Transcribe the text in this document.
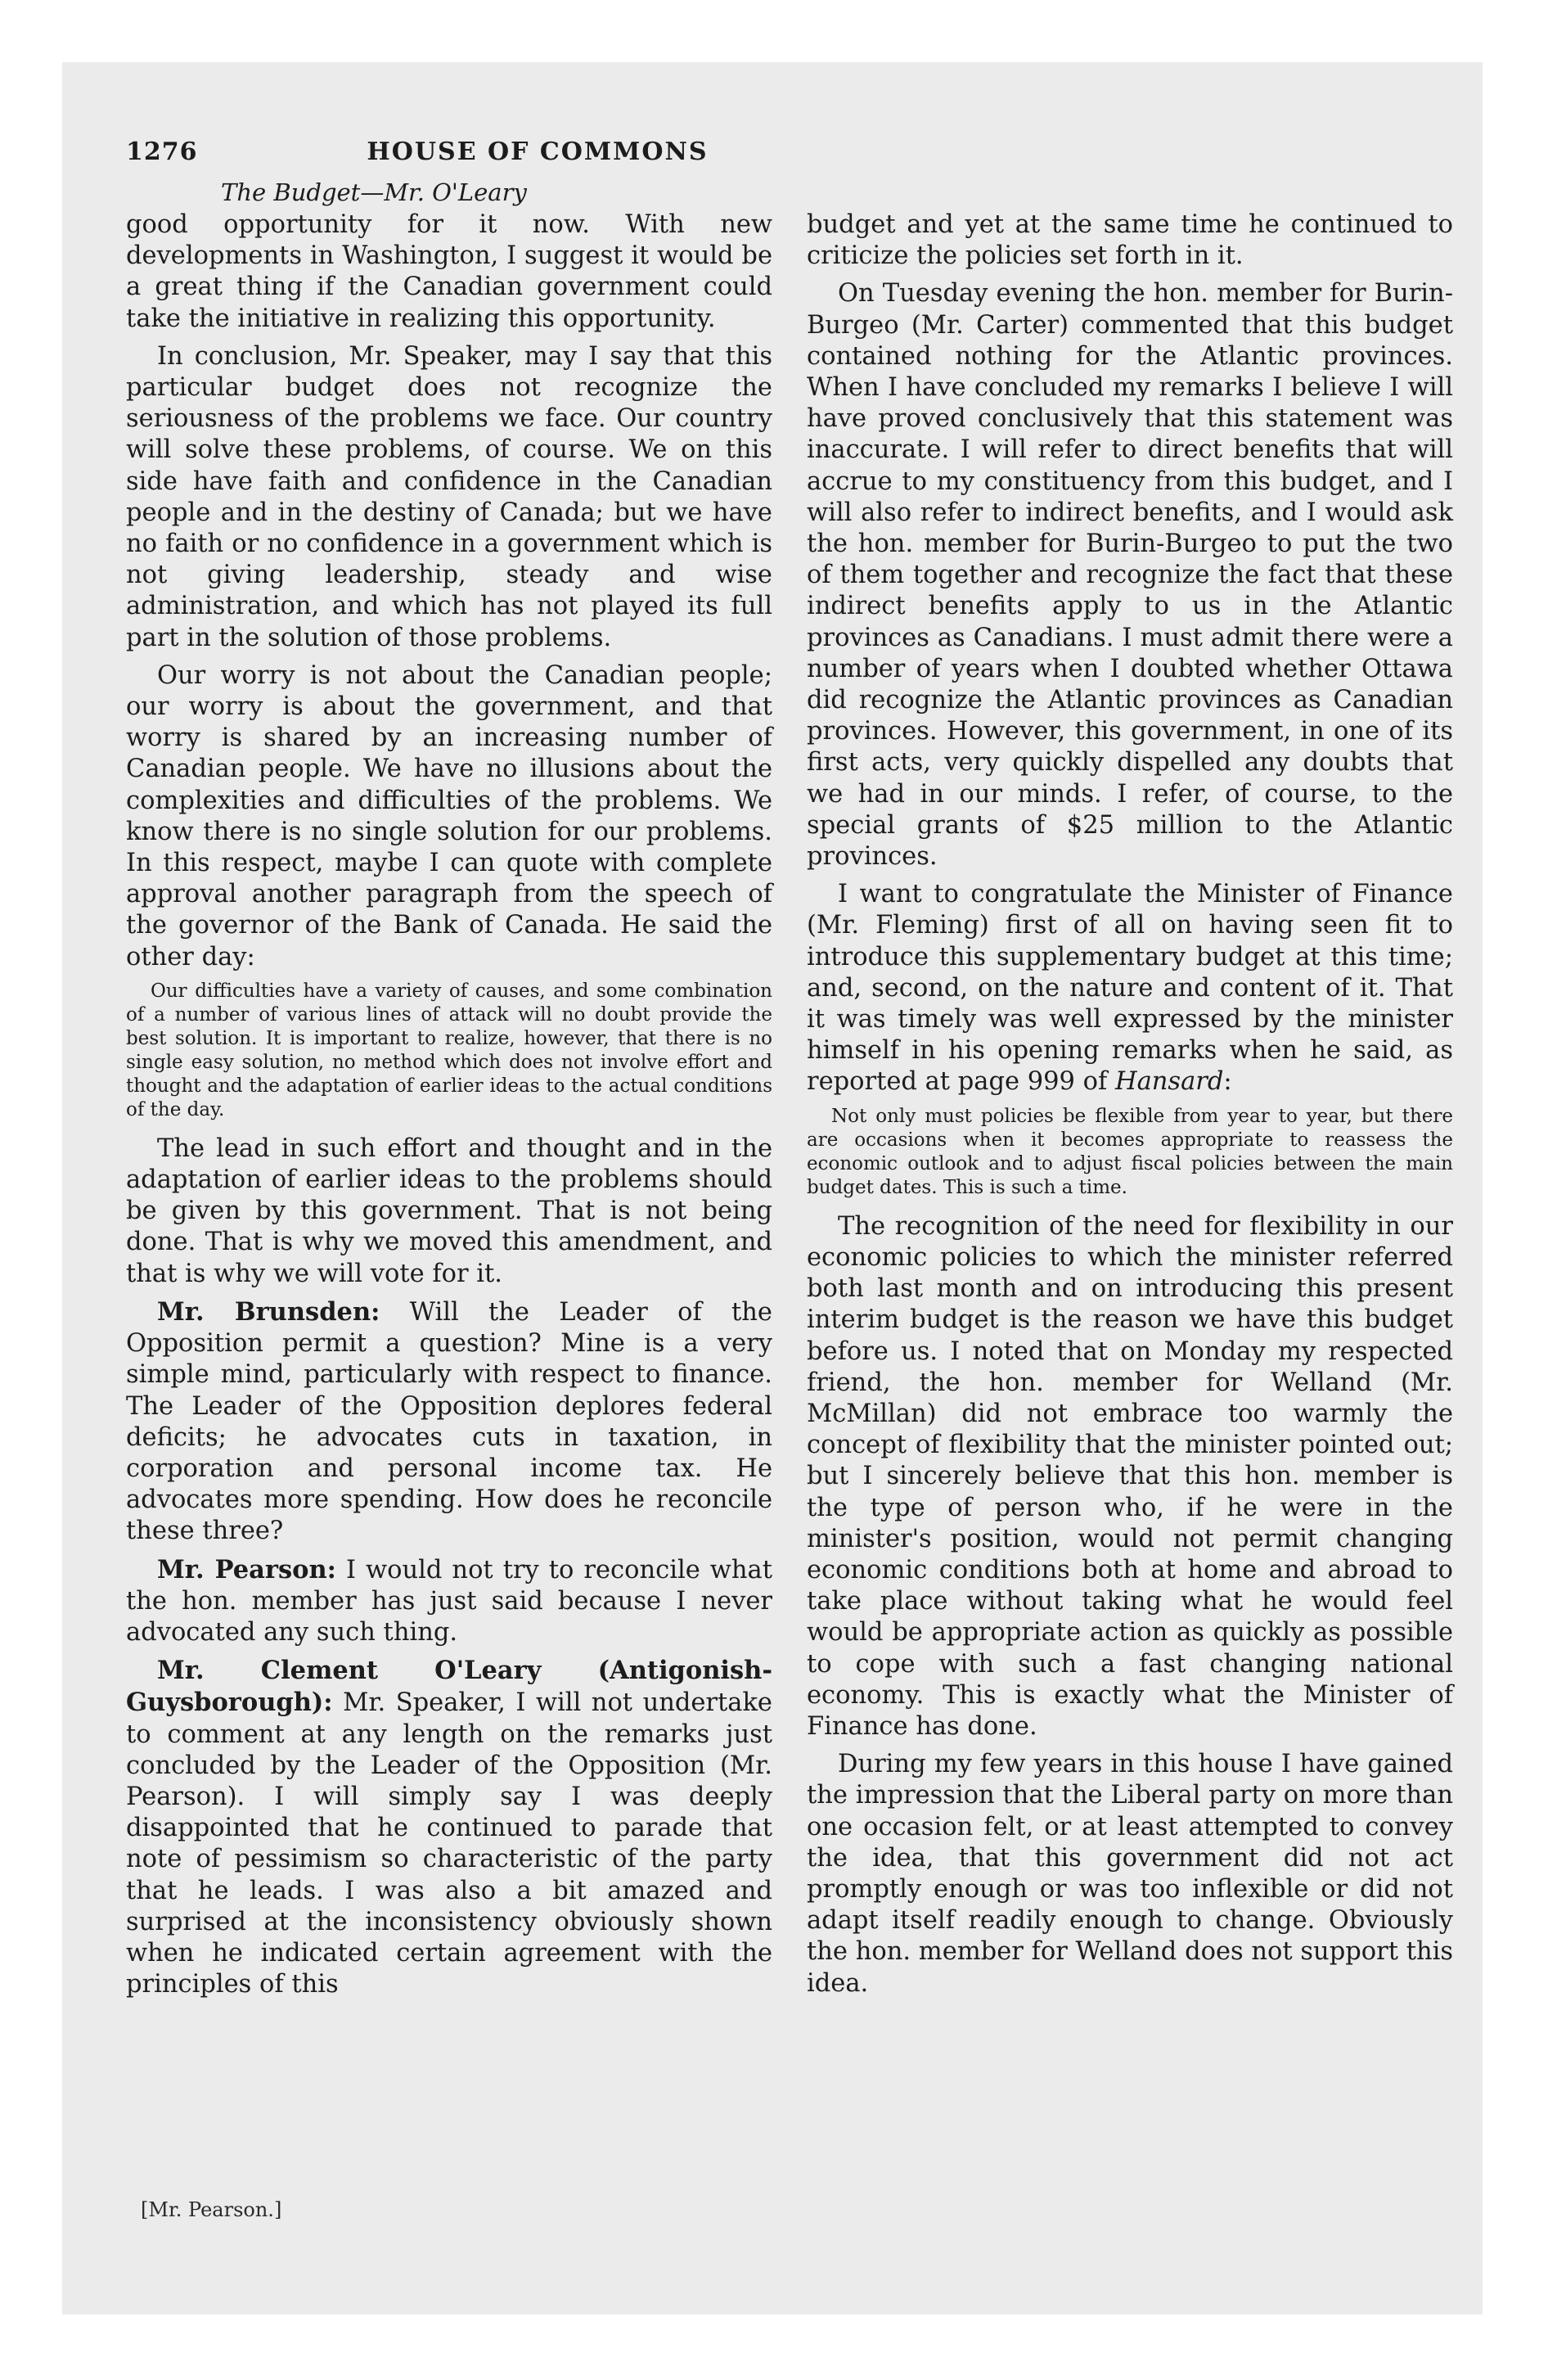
1276	HOUSE OF COMMONS
The Budget—Mr. O'Leary

good opportunity for it now. With new developments in Washington, I suggest it would be a great thing if the Canadian government could take the initiative in realizing this opportunity.

In conclusion, Mr. Speaker, may I say that this particular budget does not recognize the seriousness of the problems we face. Our country will solve these problems, of course. We on this side have faith and confidence in the Canadian people and in the destiny of Canada; but we have no faith or no confidence in a government which is not giving leadership, steady and wise administration, and which has not played its full part in the solution of those problems.

Our worry is not about the Canadian people; our worry is about the government, and that worry is shared by an increasing number of Canadian people. We have no illusions about the complexities and difficulties of the problems. We know there is no single solution for our problems. In this respect, maybe I can quote with complete approval another paragraph from the speech of the governor of the Bank of Canada. He said the other day:

Our difficulties have a variety of causes, and some combination of a number of various lines of attack will no doubt provide the best solution. It is important to realize, however, that there is no single easy solution, no method which does not involve effort and thought and the adaptation of earlier ideas to the actual conditions of the day.

The lead in such effort and thought and in the adaptation of earlier ideas to the problems should be given by this government. That is not being done. That is why we moved this amendment, and that is why we will vote for it.

Mr. Brunsden: Will the Leader of the Opposition permit a question? Mine is a very simple mind, particularly with respect to finance. The Leader of the Opposition deplores federal deficits; he advocates cuts in taxation, in corporation and personal income tax. He advocates more spending. How does he reconcile these three?

Mr. Pearson: I would not try to reconcile what the hon. member has just said because I never advocated any such thing.

Mr. Clement O'Leary (Antigonish-Guysborough): Mr. Speaker, I will not undertake to comment at any length on the remarks just concluded by the Leader of the Opposition (Mr. Pearson). I will simply say I was deeply disappointed that he continued to parade that note of pessimism so characteristic of the party that he leads. I was also a bit amazed and surprised at the inconsistency obviously shown when he indicated certain agreement with the principles of this

budget and yet at the same time he continued to criticize the policies set forth in it.

On Tuesday evening the hon. member for Burin-Burgeo (Mr. Carter) commented that this budget contained nothing for the Atlantic provinces. When I have concluded my remarks I believe I will have proved conclusively that this statement was inaccurate. I will refer to direct benefits that will accrue to my constituency from this budget, and I will also refer to indirect benefits, and I would ask the hon. member for Burin-Burgeo to put the two of them together and recognize the fact that these indirect benefits apply to us in the Atlantic provinces as Canadians. I must admit there were a number of years when I doubted whether Ottawa did recognize the Atlantic provinces as Canadian provinces. However, this government, in one of its first acts, very quickly dispelled any doubts that we had in our minds. I refer, of course, to the special grants of $25 million to the Atlantic provinces.

I want to congratulate the Minister of Finance (Mr. Fleming) first of all on having seen fit to introduce this supplementary budget at this time; and, second, on the nature and content of it. That it was timely was well expressed by the minister himself in his opening remarks when he said, as reported at page 999 of Hansard:

Not only must policies be flexible from year to year, but there are occasions when it becomes appropriate to reassess the economic outlook and to adjust fiscal policies between the main budget dates. This is such a time.

The recognition of the need for flexibility in our economic policies to which the minister referred both last month and on introducing this present interim budget is the reason we have this budget before us. I noted that on Monday my respected friend, the hon. member for Welland (Mr. McMillan) did not embrace too warmly the concept of flexibility that the minister pointed out; but I sincerely believe that this hon. member is the type of person who, if he were in the minister's position, would not permit changing economic conditions both at home and abroad to take place without taking what he would feel would be appropriate action as quickly as possible to cope with such a fast changing national economy. This is exactly what the Minister of Finance has done.

During my few years in this house I have gained the impression that the Liberal party on more than one occasion felt, or at least attempted to convey the idea, that this government did not act promptly enough or was too inflexible or did not adapt itself readily enough to change. Obviously the hon. member for Welland does not support this idea.

[Mr. Pearson.]
